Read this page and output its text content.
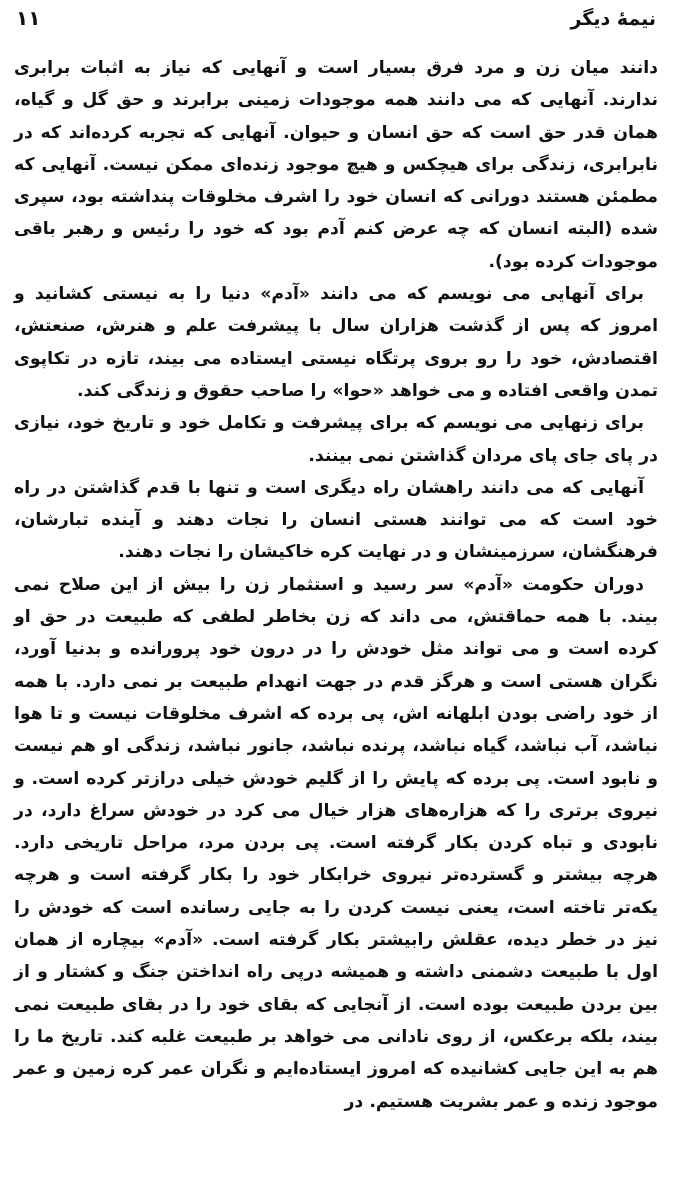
نیمهٔ دیگر
۱۱

دانند میان زن و مرد فرق بسیار است و آنهایی که نیاز به اثبات برابری ندارند. آنهایی که می دانند همه موجودات زمینی برابرند و حق گل و گیاه، همان قدر حق است که حق انسان و حیوان. آنهایی که تجربه کرده‌اند که در نابرابری، زندگی برای هیچکس و هیچ موجود زنده‌ای ممکن نیست. آنهایی که مطمئن هستند دورانی که انسان خود را اشرف مخلوقات پنداشته بود، سپری شده (البته انسان که چه عرض کنم آدم بود که خود را رئیس و رهبر باقی موجودات کرده بود).

برای آنهایی می نویسم که می دانند «آدم» دنیا را به نیستی کشانید و امروز که پس از گذشت هزاران سال با پیشرفت علم و هنرش، صنعتش، اقتصادش، خود را رو بروی پرتگاه نیستی ایستاده می بیند، تازه در تکاپوی تمدن واقعی افتاده و می خواهد «حوا» را صاحب حقوق و زندگی کند.

برای زنهایی می نویسم که برای پیشرفت و تکامل خود و تاریخ خود، نیازی در پای جای پای مردان گذاشتن نمی بینند.

آنهایی که می دانند راهشان راه دیگری است و تنها با قدم گذاشتن در راه خود است که می توانند هستی انسان را نجات دهند و آینده تبارشان، فرهنگشان، سرزمینشان و در نهایت کره خاکیشان را نجات دهند.

دوران حکومت «آدم» سر رسید و استثمار زن را بیش از این صلاح نمی بیند. با همه حماقتش، می داند که زن بخاطر لطفی که طبیعت در حق او کرده است و می تواند مثل خودش را در درون خود پرورانده و بدنیا آورد، نگران هستی است و هرگز قدم در جهت انهدام طبیعت بر نمی دارد. با همه از خود راضی بودن ابلهانه اش، پی برده که اشرف مخلوقات نیست و تا هوا نباشد، آب نباشد، گیاه نباشد، پرنده نباشد، جانور نباشد، زندگی او هم نیست و نابود است. پی برده که پایش را از گلیم خودش خیلی درازتر کرده است. و نیروی برتری را که هزاره‌های هزار خیال می کرد در خودش سراغ دارد، در نابودی و تباه کردن بکار گرفته است. پی بردن مرد، مراحل تاریخی دارد. هرچه بیشتر و گسترده‌تر نیروی خرابکار خود را بکار گرفته است و هرچه یکه‌تر تاخته است، یعنی نیست کردن را به جایی رسانده است که خودش را نیز در خطر دیده، عقلش رابیشتر بکار گرفته است. «آدم» بیچاره از همان اول با طبیعت دشمنی داشته و همیشه درپی راه انداختن جنگ و کشتار و از بین بردن طبیعت بوده است. از آنجایی که بقای خود را در بقای طبیعت نمی بیند، بلکه برعکس، از روی نادانی می خواهد بر طبیعت غلبه کند. تاریخ ما را هم به این جایی کشانیده که امروز ایستاده‌ایم و نگران عمر کره زمین و عمر موجود زنده و عمر بشریت هستیم. در
